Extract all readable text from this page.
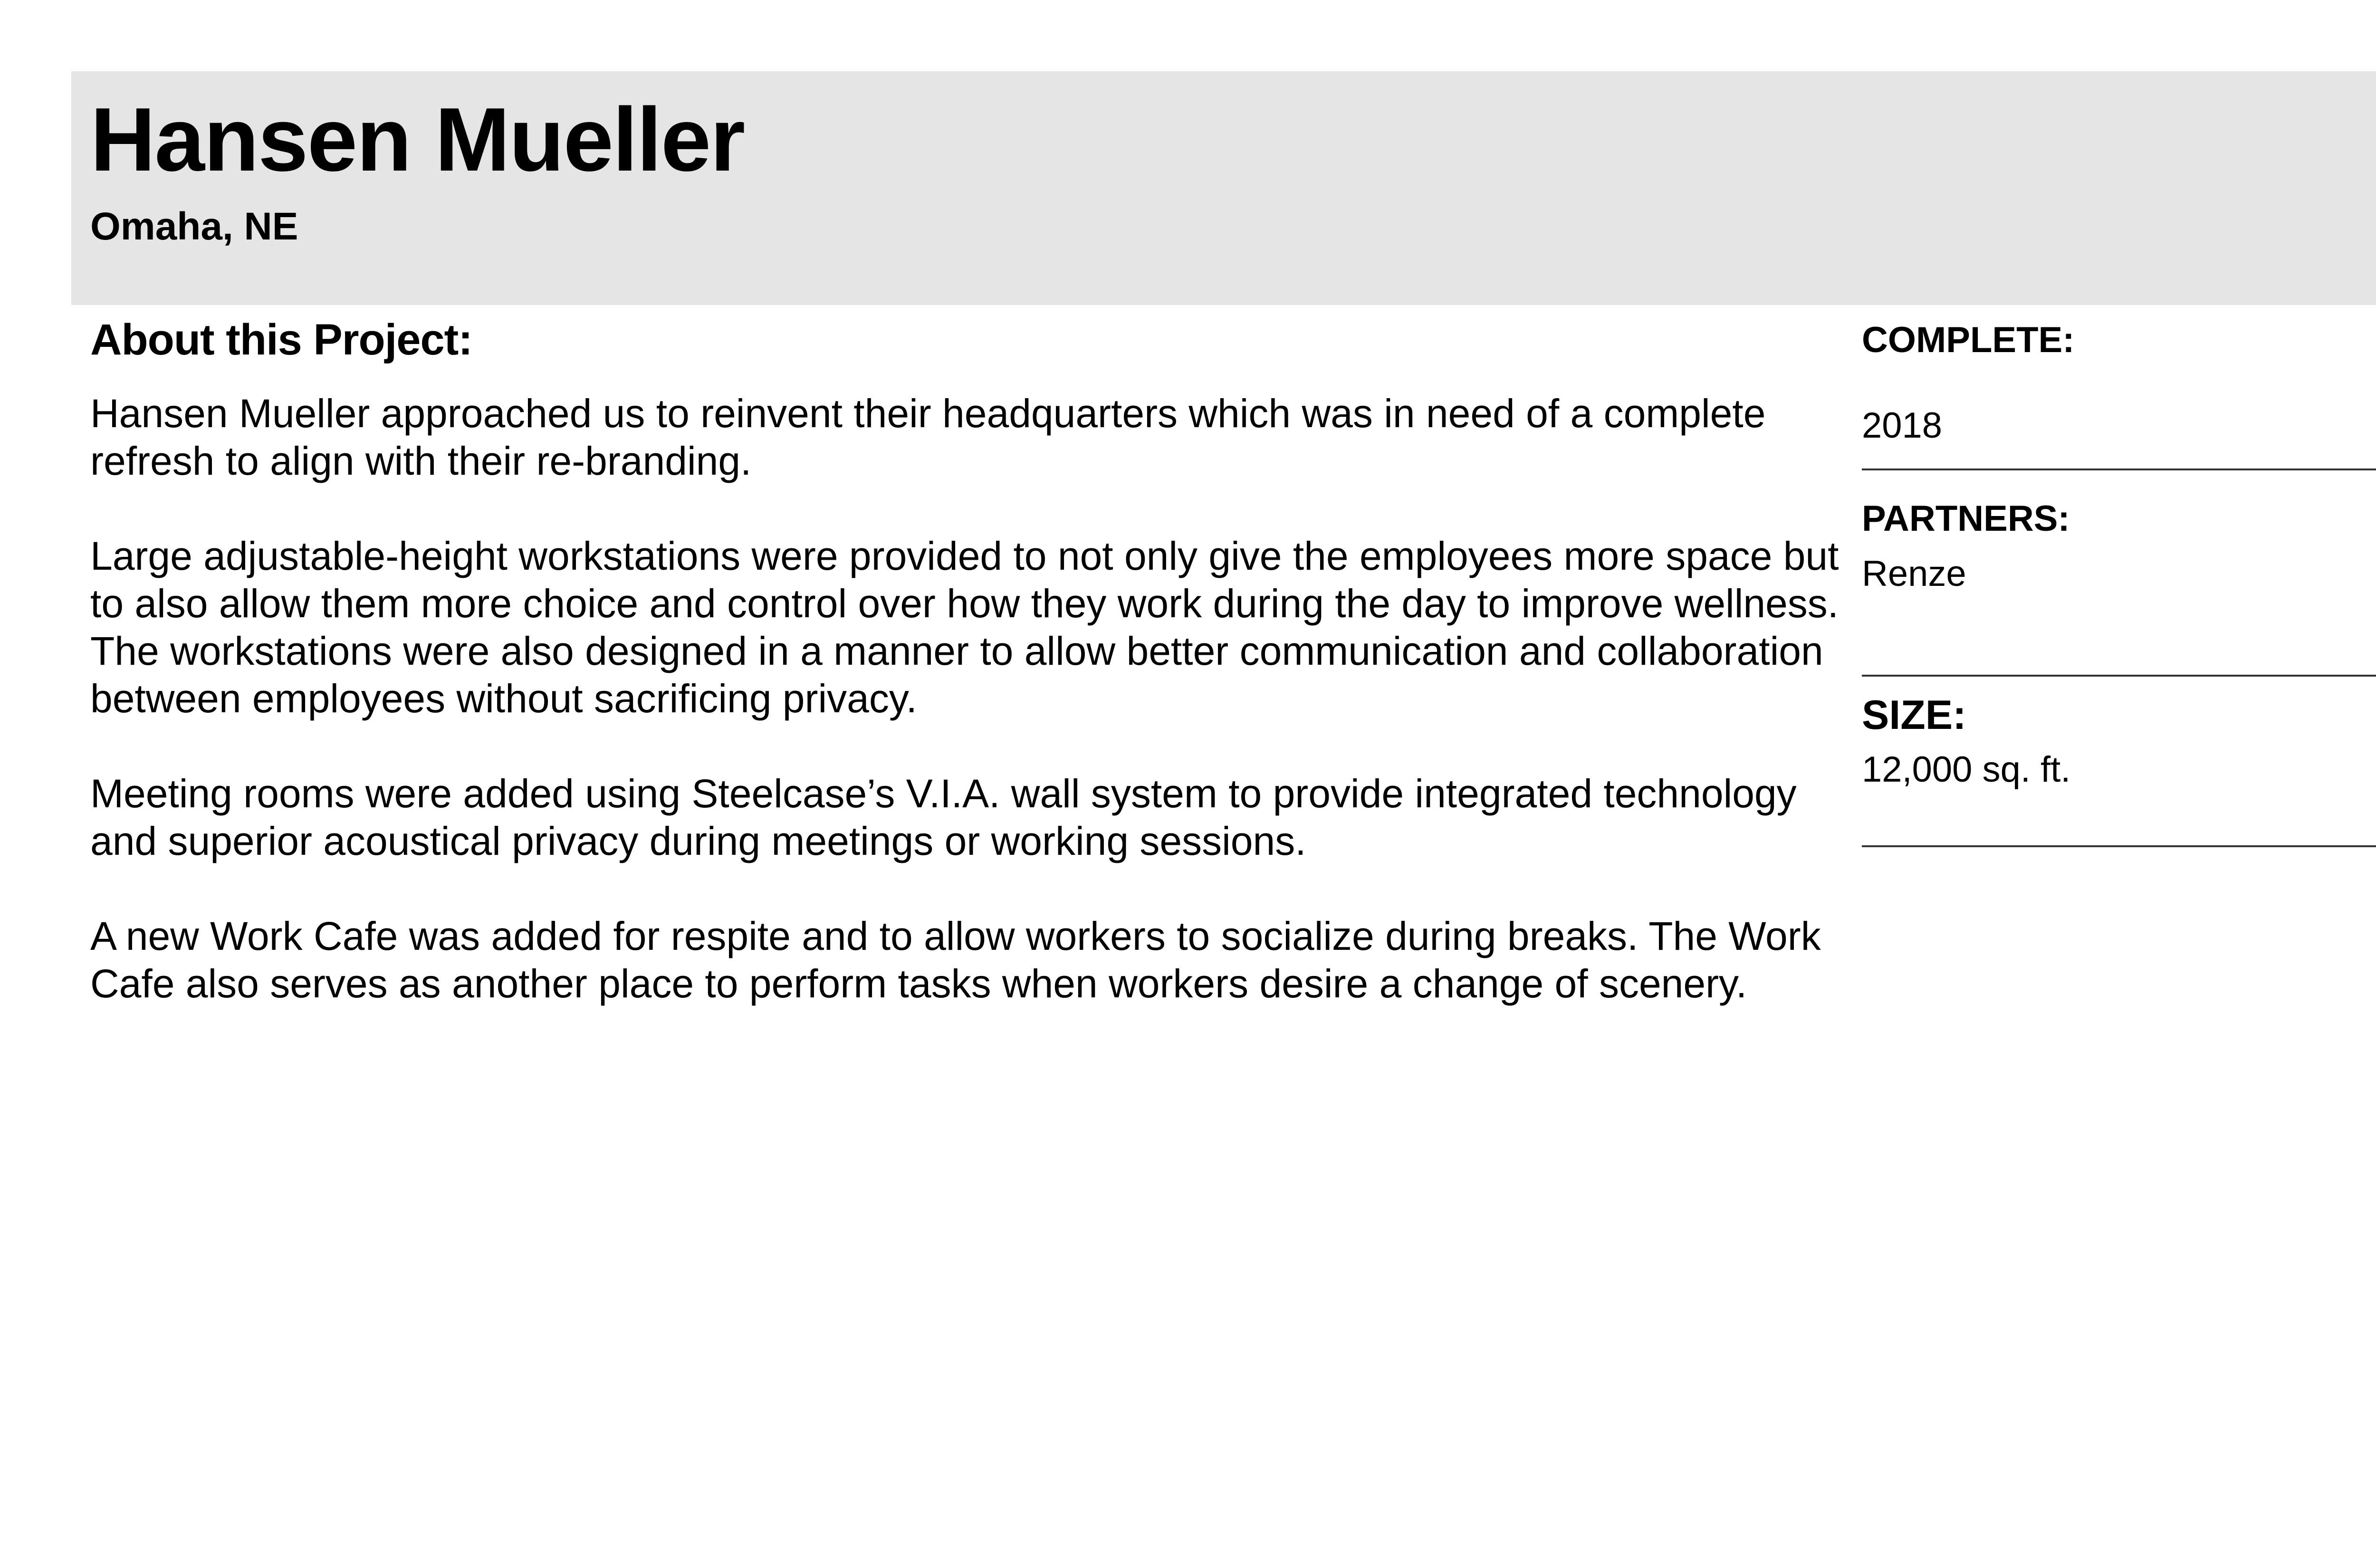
Hansen Mueller
Omaha, NE
About this Project:

Hansen Mueller approached us to reinvent their headquarters which was in need of a complete refresh to align with their re-branding.

Large adjustable-height workstations were provided to not only give the employees more space but to also allow them more choice and control over how they work during the day to improve wellness. The workstations were also designed in a manner to allow better communication and collaboration between employees without sacrificing privacy.

Meeting rooms were added using Steelcase’s V.I.A. wall system to provide integrated technology and superior acoustical privacy during meetings or working sessions.

A new Work Cafe was added for respite and to allow workers to socialize during breaks. The Work Cafe also serves as another place to perform tasks when workers desire a change of scenery.

COMPLETE:
2018
PARTNERS:
Renze
SIZE:
12,000 sq. ft.
